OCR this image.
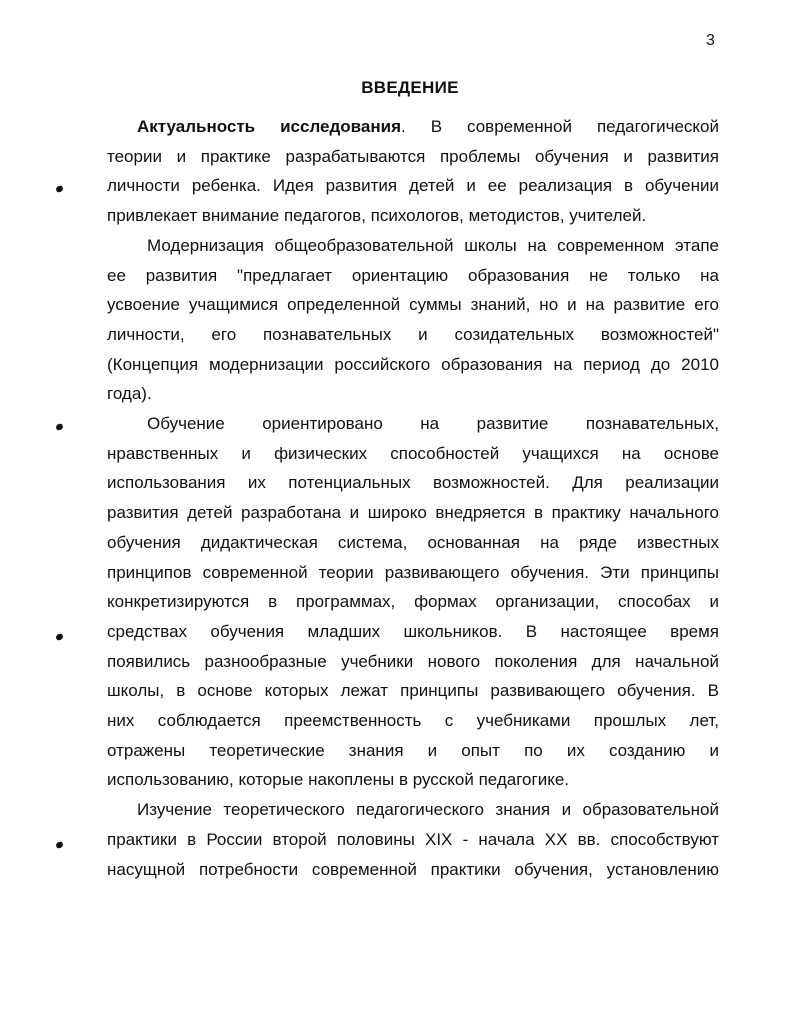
3
ВВЕДЕНИЕ
Актуальность исследования. В современной педагогической
теории и практике разрабатываются проблемы обучения и развития
личности ребенка. Идея развития детей и ее реализация в обучении
привлекает внимание педагогов, психологов, методистов, учителей.
Модернизация общеобразовательной школы на современном этапе
ее развития "предлагает ориентацию образования не только на
усвоение учащимися определенной суммы знаний, но и на развитие его
личности, его познавательных и созидательных возможностей"
(Концепция модернизации российского образования на период до 2010
года).
Обучение ориентировано на развитие познавательных,
нравственных и физических способностей учащихся на основе
использования их потенциальных возможностей. Для реализации
развития детей разработана и широко внедряется в практику начального
обучения дидактическая система, основанная на ряде известных
принципов современной теории развивающего обучения. Эти принципы
конкретизируются в программах, формах организации, способах и
средствах обучения младших школьников. В настоящее время
появились разнообразные учебники нового поколения для начальной
школы, в основе которых лежат принципы развивающего обучения. В
них соблюдается преемственность с учебниками прошлых лет,
отражены теоретические знания и опыт по их созданию и
использованию, которые накоплены в русской педагогике.
Изучение теоретического педагогического знания и образовательной
практики в России второй половины XIX - начала XX вв. способствуют
насущной потребности современной практики обучения, установлению
